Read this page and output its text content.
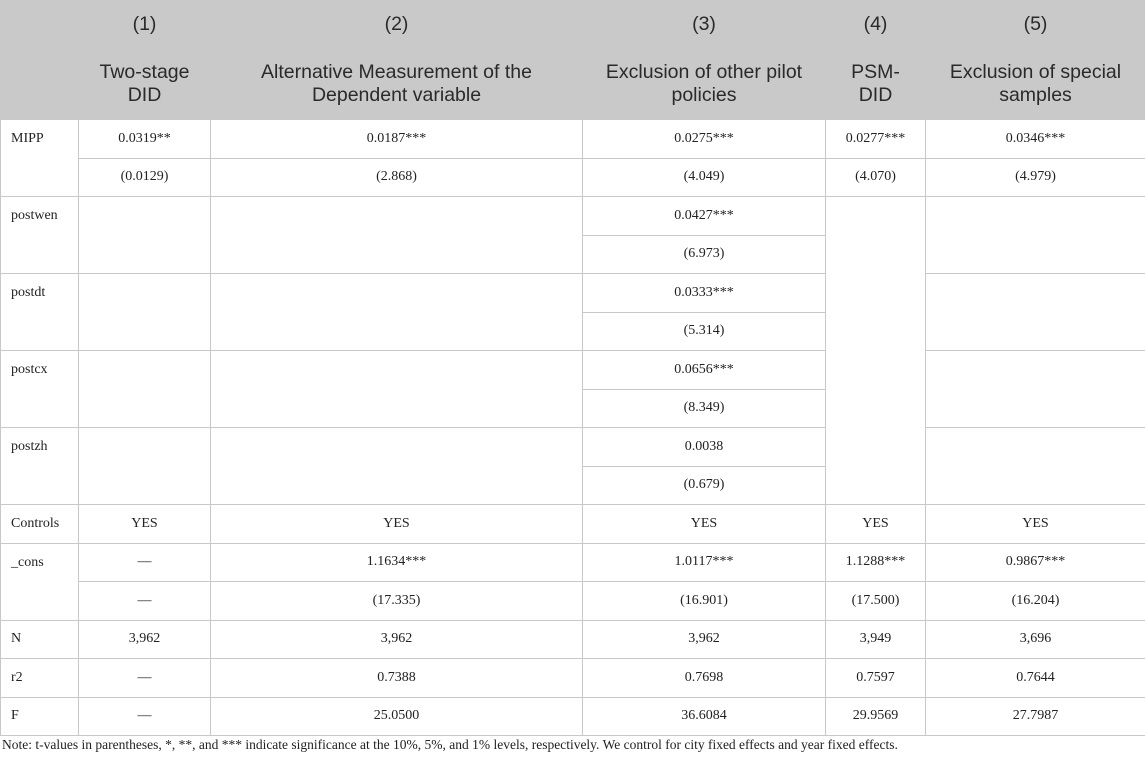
	(1)	(2)	(3)	(4)	(5)
	Two-stage DID	Alternative Measurement of the Dependent variable	Exclusion of other pilot policies	PSM-DID	Exclusion of special samples
MIPP	0.0319**	0.0187***	0.0275***	0.0277***	0.0346***
	(0.0129)	(2.868)	(4.049)	(4.070)	(4.979)
postwen			0.0427***		
			(6.973)		
postdt			0.0333***		
			(5.314)		
postcx			0.0656***		
			(8.349)		
postzh			0.0038		
			(0.679)		
Controls	YES	YES	YES	YES	YES
_cons	—	1.1634***	1.0117***	1.1288***	0.9867***
	—	(17.335)	(16.901)	(17.500)	(16.204)
N	3,962	3,962	3,962	3,949	3,696
r2	—	0.7388	0.7698	0.7597	0.7644
F	—	25.0500	36.6084	29.9569	27.7987
Note: t-values in parentheses, *, **, and *** indicate significance at the 10%, 5%, and 1% levels, respectively. We control for city fixed effects and year fixed effects.
